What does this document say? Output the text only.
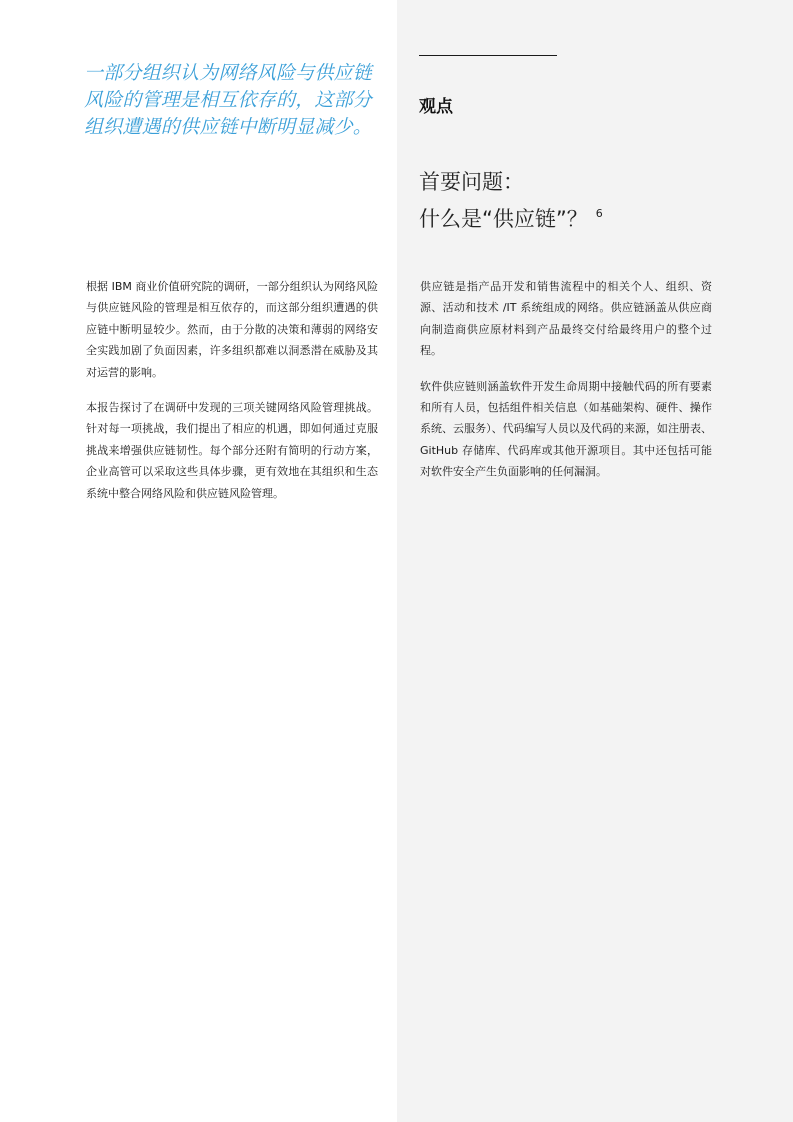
一部分组织认为网络风险与供应链风险的管理是相互依存的，这部分组织遭遇的供应链中断明显减少。

根据 IBM 商业价值研究院的调研，一部分组织认为网络风险与供应链风险的管理是相互依存的，而这部分组织遭遇的供应链中断明显较少。然而，由于分散的决策和薄弱的网络安全实践加剧了负面因素，许多组织都难以洞悉潜在威胁及其对运营的影响。

本报告探讨了在调研中发现的三项关键网络风险管理挑战。针对每一项挑战，我们提出了相应的机遇，即如何通过克服挑战来增强供应链韧性。每个部分还附有简明的行动方案，企业高管可以采取这些具体步骤，更有效地在其组织和生态系统中整合网络风险和供应链风险管理。

观点
首要问题：
什么是“供应链”？ $^6$

供应链是指产品开发和销售流程中的相关个人、组织、资源、活动和技术 /IT 系统组成的网络。供应链涵盖从供应商向制造商供应原材料到产品最终交付给最终用户的整个过程。

软件供应链则涵盖软件开发生命周期中接触代码的所有要素和所有人员，包括组件相关信息（如基础架构、硬件、操作系统、云服务）、代码编写人员以及代码的来源，如注册表、GitHub 存储库、代码库或其他开源项目。其中还包括可能对软件安全产生负面影响的任何漏洞。
